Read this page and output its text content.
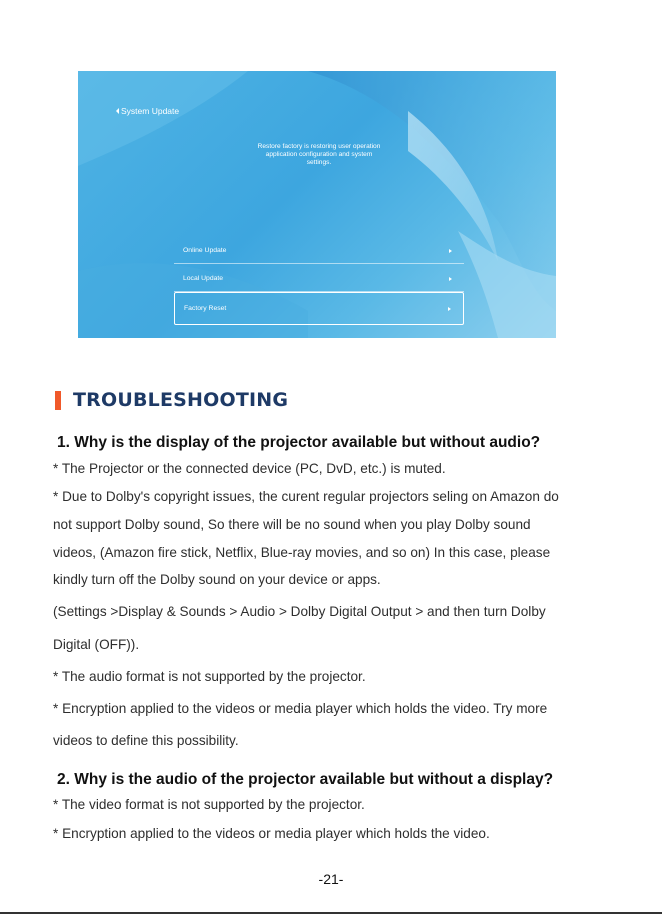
System Update
Restore factory is restoring user operation
application configuration and system
settings.
Online Update
Local Update
Factory Reset
TROUBLESHOOTING
1. Why is the display of the projector available but without audio?
* The Projector or the connected device (PC, DvD, etc.) is muted.
* Due to Dolby's copyright issues, the curent regular projectors seling on Amazon do
not support Dolby sound, So there will be no sound when you play Dolby sound
videos, (Amazon fire stick, Netflix, Blue-ray movies, and so on) In this case, please
kindly turn off the Dolby sound on your device or apps.
(Settings >Display & Sounds > Audio > Dolby Digital Output > and then turn Dolby
Digital (OFF)).
* The audio format is not supported by the projector.
* Encryption applied to the videos or media player which holds the video. Try more
videos to define this possibility.
2. Why is the audio of the projector available but without a display?
* The video format is not supported by the projector.
* Encryption applied to the videos or media player which holds the video.
-21-
